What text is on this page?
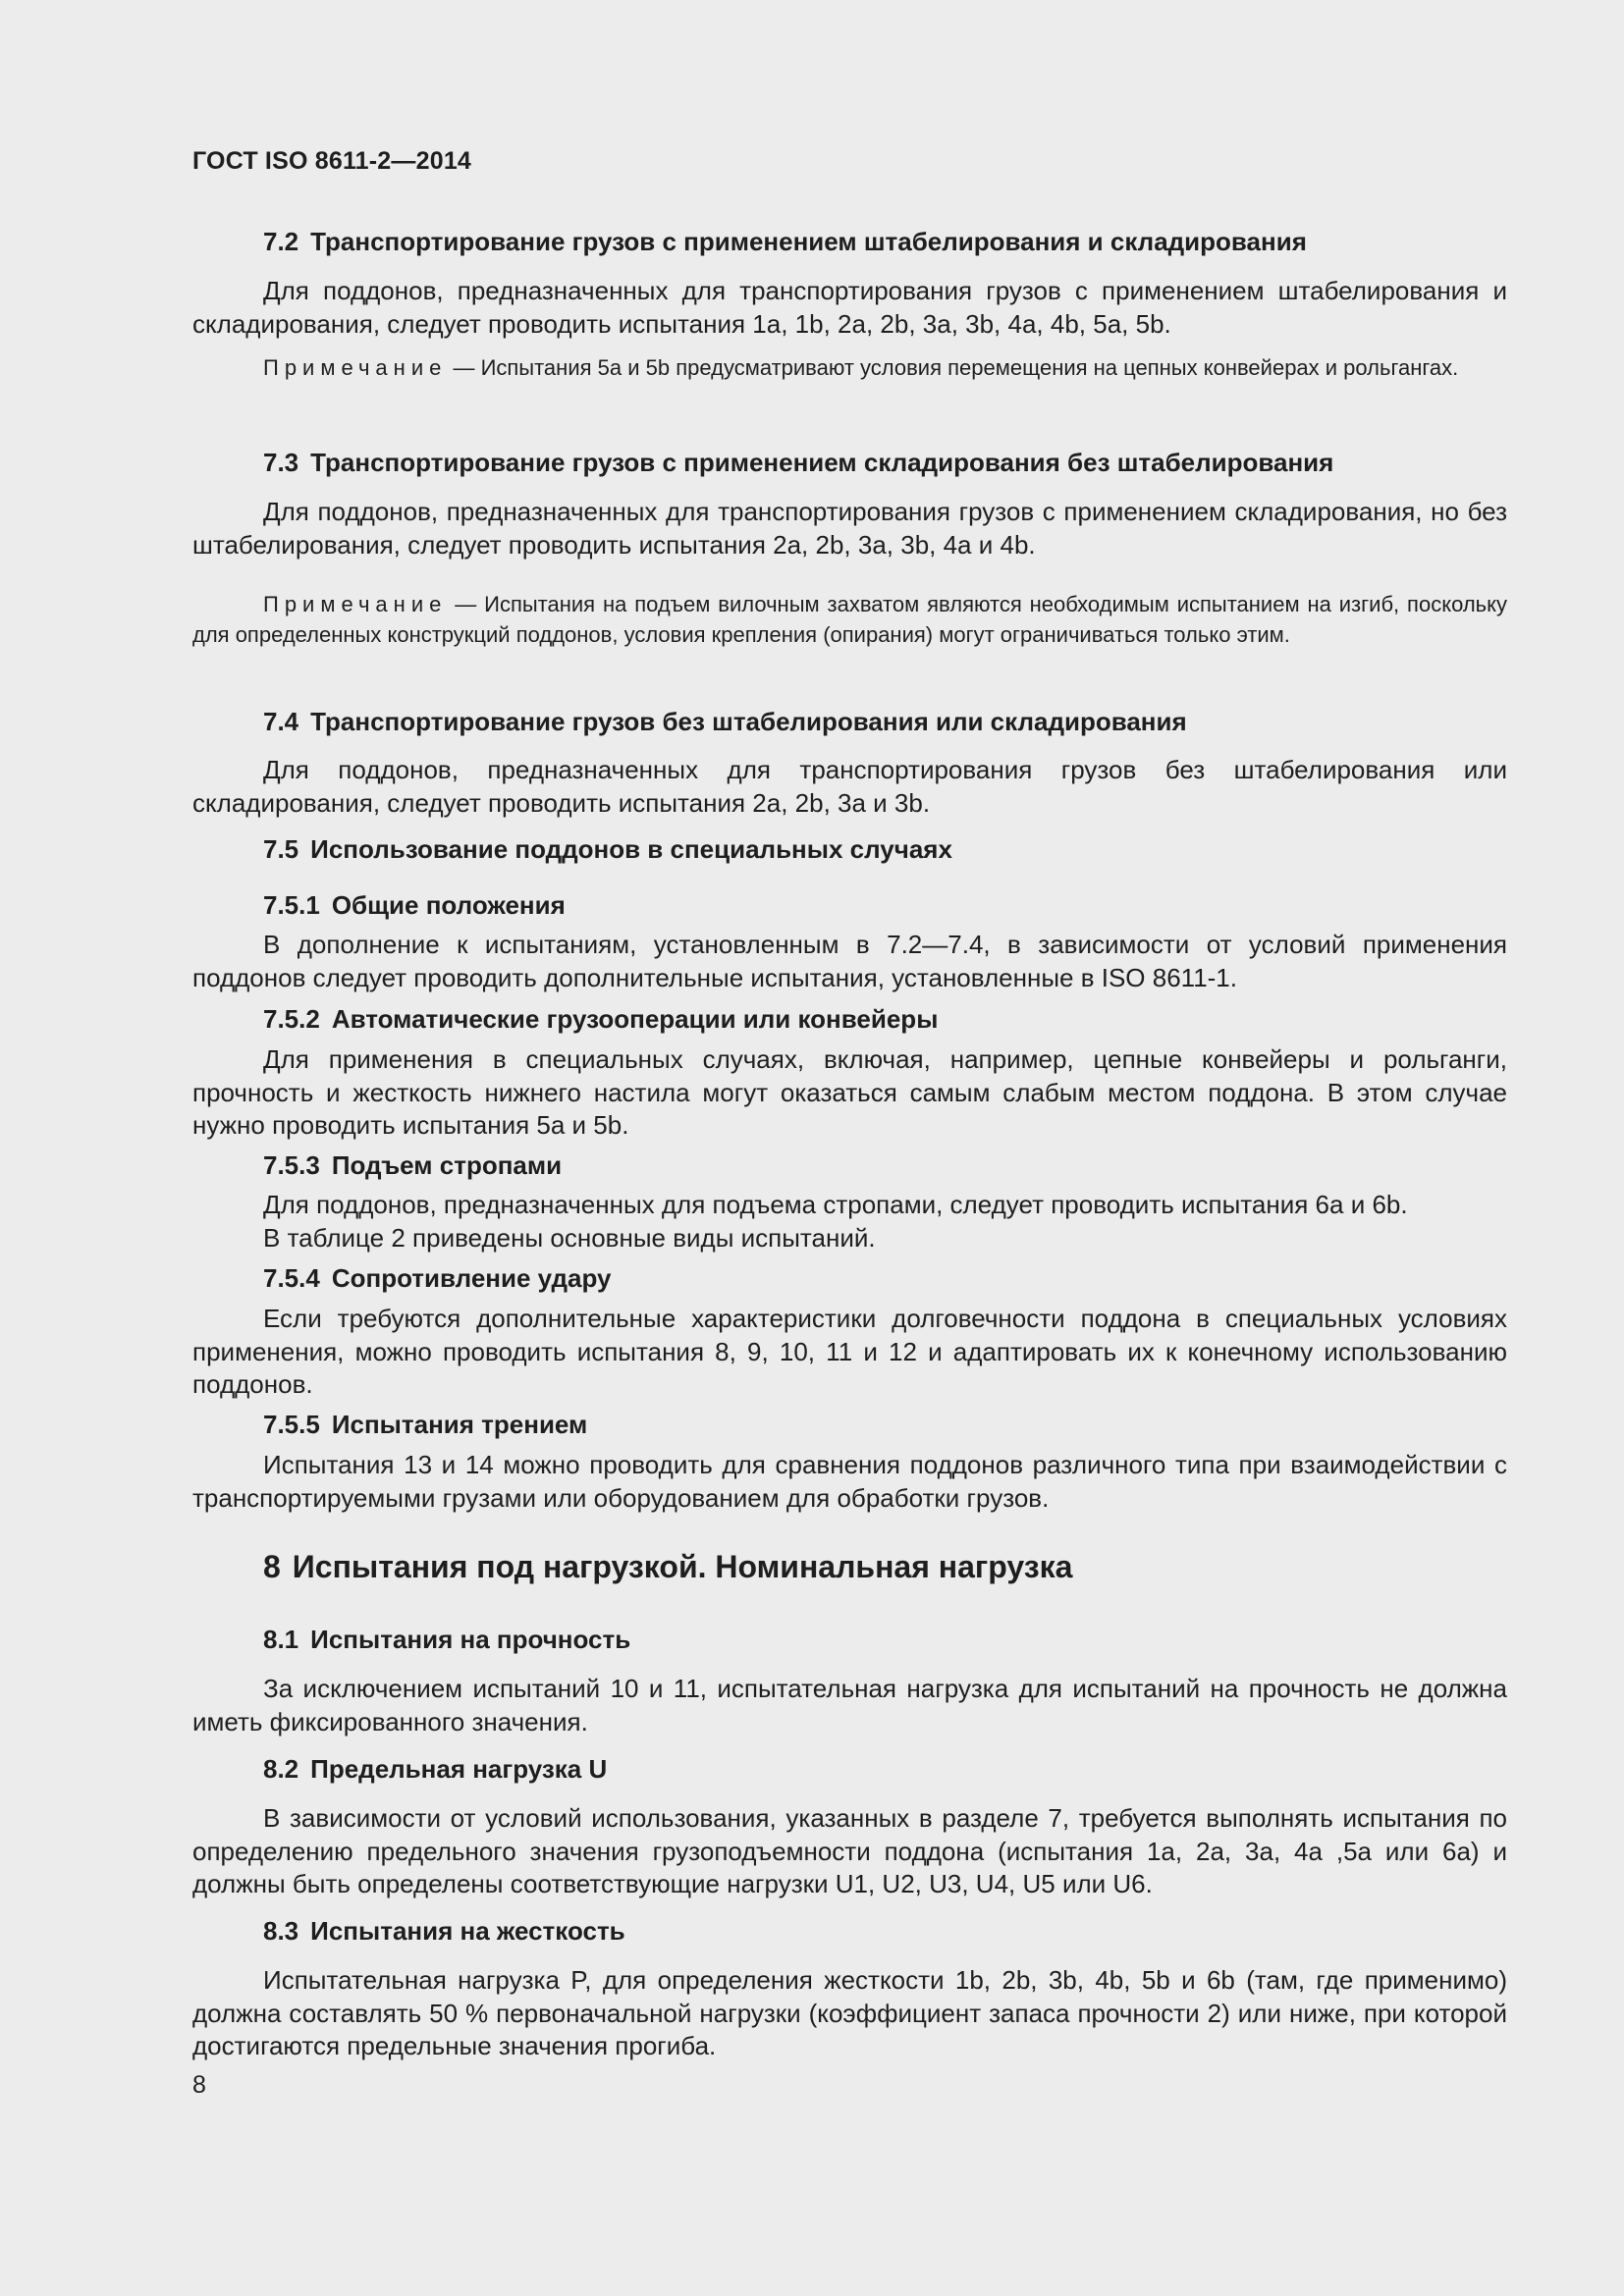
ГОСТ ISO 8611-2—2014
7.2 Транспортирование грузов с применением штабелирования и складирования

Для поддонов, предназначенных для транспортирования грузов с применением штабелирования и складирования, следует проводить испытания 1a, 1b, 2a, 2b, 3a, 3b, 4a, 4b, 5a, 5b.

Примечание — Испытания 5a и 5b предусматривают условия перемещения на цепных конвейерах и рольгангах.

7.3 Транспортирование грузов с применением складирования без штабелирования

Для поддонов, предназначенных для транспортирования грузов с применением складирования, но без штабелирования, следует проводить испытания 2a, 2b, 3a, 3b, 4a и 4b.

Примечание — Испытания на подъем вилочным захватом являются необходимым испытанием на изгиб, поскольку для определенных конструкций поддонов, условия крепления (опирания) могут ограничиваться только этим.

7.4 Транспортирование грузов без штабелирования или складирования

Для поддонов, предназначенных для транспортирования грузов без штабелирования или складирования, следует проводить испытания 2a, 2b, 3a и 3b.

7.5 Использование поддонов в специальных случаях
7.5.1 Общие положения

В дополнение к испытаниям, установленным в 7.2—7.4, в зависимости от условий применения поддонов следует проводить дополнительные испытания, установленные в ISO 8611-1.

7.5.2 Автоматические грузооперации или конвейеры

Для применения в специальных случаях, включая, например, цепные конвейеры и рольганги, прочность и жесткость нижнего настила могут оказаться самым слабым местом поддона. В этом случае нужно проводить испытания 5a и 5b.

7.5.3 Подъем стропами

Для поддонов, предназначенных для подъема стропами, следует проводить испытания 6a и 6b.

В таблице 2 приведены основные виды испытаний.

7.5.4 Сопротивление удару

Если требуются дополнительные характеристики долговечности поддона в специальных условиях применения, можно проводить испытания 8, 9, 10, 11 и 12 и адаптировать их к конечному использованию поддонов.

7.5.5 Испытания трением

Испытания 13 и 14 можно проводить для сравнения поддонов различного типа при взаимодействии с транспортируемыми грузами или оборудованием для обработки грузов.

8 Испытания под нагрузкой. Номинальная нагрузка
8.1 Испытания на прочность

За исключением испытаний 10 и 11, испытательная нагрузка для испытаний на прочность не должна иметь фиксированного значения.

8.2 Предельная нагрузка U

В зависимости от условий использования, указанных в разделе 7, требуется выполнять испытания по определению предельного значения грузоподъемности поддона (испытания 1a, 2a, 3a, 4a ,5a или 6a) и должны быть определены соответствующие нагрузки U1, U2, U3, U4, U5 или U6.

8.3 Испытания на жесткость

Испытательная нагрузка P, для определения жесткости 1b, 2b, 3b, 4b, 5b и 6b (там, где применимо) должна составлять 50 % первоначальной нагрузки (коэффициент запаса прочности 2) или ниже, при которой достигаются предельные значения прогиба.

8
